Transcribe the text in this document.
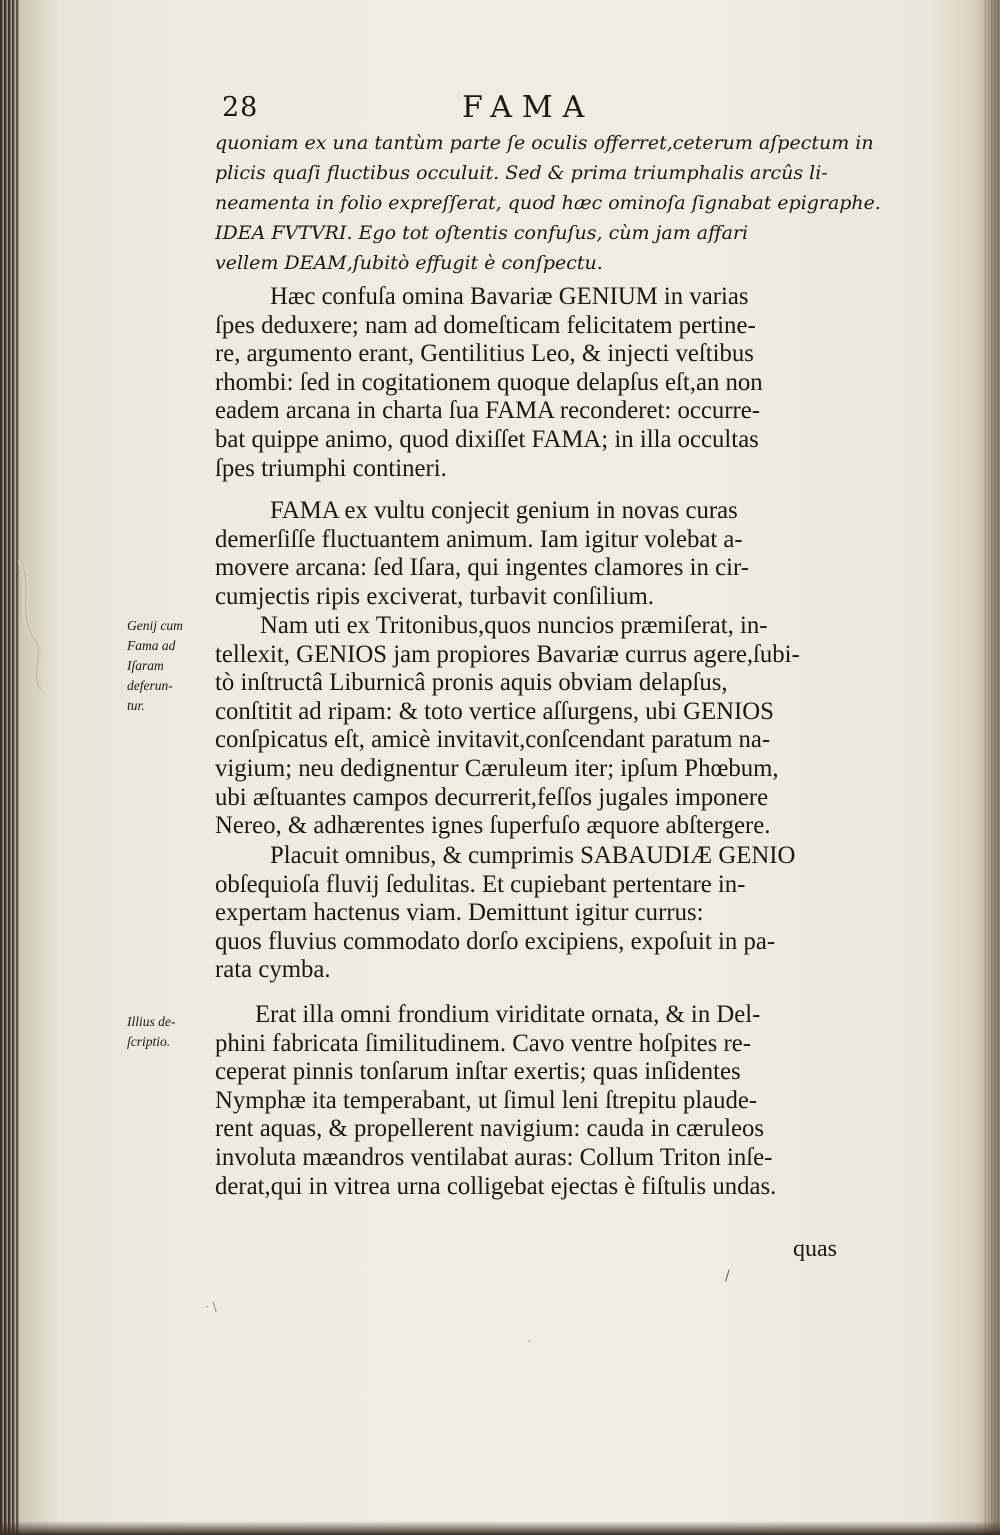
28	FAMA
quoniam ex una tantùm parte ſe oculis offerret,ceterum aſpectum in
plicis quaſi fluctibus occuluit. Sed & prima triumphalis arcûs li-
neamenta in folio expreſſerat, quod hæc ominoſa ſignabat epigraphe.
IDEA FVTVRI. Ego tot oſtentis confuſus, cùm jam affari
vellem DEAM,ſubitò effugit è conſpectu.
Hæc confuſa omina Bavariæ GENIUM in varias
ſpes deduxere; nam ad domeſticam felicitatem pertine-
re, argumento erant, Gentilitius Leo, & injecti veſtibus
rhombi: ſed in cogitationem quoque delapſus eſt,an non
eadem arcana in charta ſua FAMA reconderet: occurre-
bat quippe animo, quod dixiſſet FAMA; in illa occultas
ſpes triumphi contineri.
FAMA ex vultu conjecit genium in novas curas
demerſiſſe fluctuantem animum. Iam igitur volebat a-
movere arcana: ſed Iſara, qui ingentes clamores in cir-
cumjectis ripis exciverat, turbavit conſilium.
Nam uti ex Tritonibus,quos nuncios præmiſerat, in-
tellexit, GENIOS jam propiores Bavariæ currus agere,ſubi-
tò inſtructâ Liburnicâ pronis aquis obviam delapſus,
conſtitit ad ripam: & toto vertice aſſurgens, ubi GENIOS
conſpicatus eſt, amicè invitavit,conſcendant paratum na-
vigium; neu dedignentur Cæruleum iter; ipſum Phœbum,
ubi æſtuantes campos decurrerit,feſſos jugales imponere
Nereo, & adhærentes ignes ſuperfuſo æquore abſtergere.
Placuit omnibus, & cumprimis SABAUDIÆ GENIO
obſequioſa fluvij ſedulitas. Et cupiebant pertentare in-
expertam hactenus viam. Demittunt igitur currus:
quos fluvius commodato dorſo excipiens, expoſuit in pa-
rata cymba.
Erat illa omni frondium viriditate ornata, & in Del-
phini fabricata ſimilitudinem. Cavo ventre hoſpites re-
ceperat pinnis tonſarum inſtar exertis; quas inſidentes
Nymphæ ita temperabant, ut ſimul leni ſtrepitu plaude-
rent aquas, & propellerent navigium: cauda in cæruleos
involuta mæandros ventilabat auras: Collum Triton inſe-
derat,qui in vitrea urna colligebat ejectas è fiſtulis undas.
Genij cum
Fama ad
Iſaram
deferun-
tur.
Illius de-
ſcriptio.
quas
∕
· \
′
